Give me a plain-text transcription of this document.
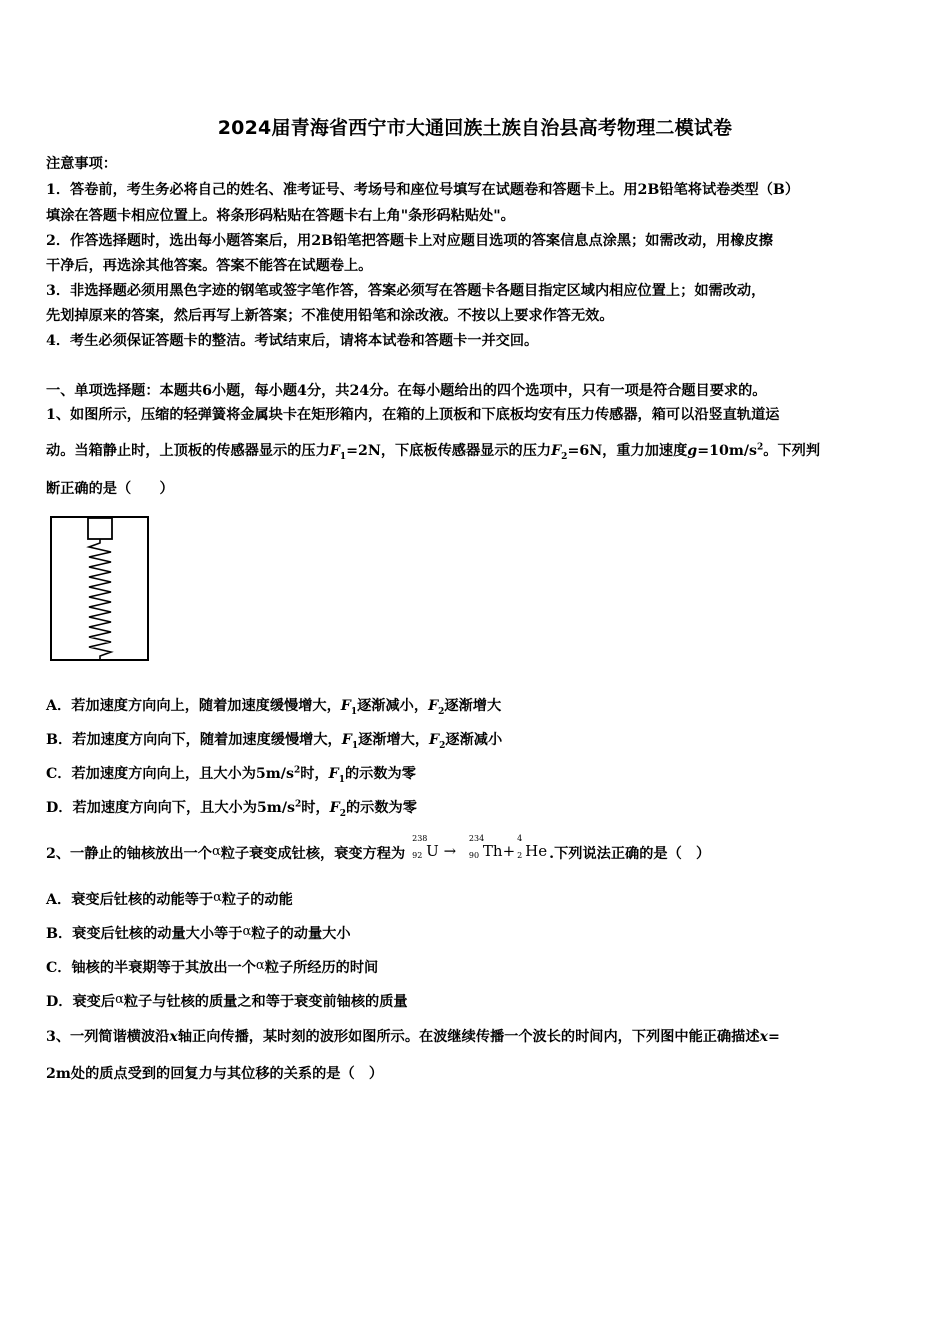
2024届青海省西宁市大通回族土族自治县高考物理二模试卷
注意事项：
1．答卷前，考生务必将自己的姓名、准考证号、考场号和座位号填写在试题卷和答题卡上。用2B铅笔将试卷类型（B）
填涂在答题卡相应位置上。将条形码粘贴在答题卡右上角"条形码粘贴处"。
2．作答选择题时，选出每小题答案后，用2B铅笔把答题卡上对应题目选项的答案信息点涂黑；如需改动，用橡皮擦
干净后，再选涂其他答案。答案不能答在试题卷上。
3．非选择题必须用黑色字迹的钢笔或签字笔作答，答案必须写在答题卡各题目指定区域内相应位置上；如需改动，
先划掉原来的答案，然后再写上新答案；不准使用铅笔和涂改液。不按以上要求作答无效。
4．考生必须保证答题卡的整洁。考试结束后，请将本试卷和答题卡一并交回。
一、单项选择题：本题共6小题，每小题4分，共24分。在每小题给出的四个选项中，只有一项是符合题目要求的。
1、如图所示，压缩的轻弹簧将金属块卡在矩形箱内，在箱的上顶板和下底板均安有压力传感器，箱可以沿竖直轨道运
动。当箱静止时，上顶板的传感器显示的压力$F_1=2N$，下底板传感器显示的压力$F_2=6N$，重力加速度$g=10m/s^2$。下列判
断正确的是（　　）
A．若加速度方向向上，随着加速度缓慢增大，$F_1$逐渐减小，$F_2$逐渐增大
B．若加速度方向向下，随着加速度缓慢增大，$F_1$逐渐增大，$F_2$逐渐减小
C．若加速度方向向上，且大小为$5m/s^2$时，$F_1$的示数为零
D．若加速度方向向下，且大小为$5m/s^2$时，$F_2$的示数为零
2、一静止的铀核放出一个α粒子衰变成钍核，衰变方程为
238
92 U →
234
90 Th+
4
2 He .下列说法正确的是（　）
A．衰变后钍核的动能等于α粒子的动能
B．衰变后钍核的动量大小等于α粒子的动量大小
C．铀核的半衰期等于其放出一个α粒子所经历的时间
D．衰变后α粒子与钍核的质量之和等于衰变前铀核的质量
3、一列简谐横波沿x轴正向传播，某时刻的波形如图所示。在波继续传播一个波长的时间内，下列图中能正确描述x=
2m处的质点受到的回复力与其位移的关系的是（　）
